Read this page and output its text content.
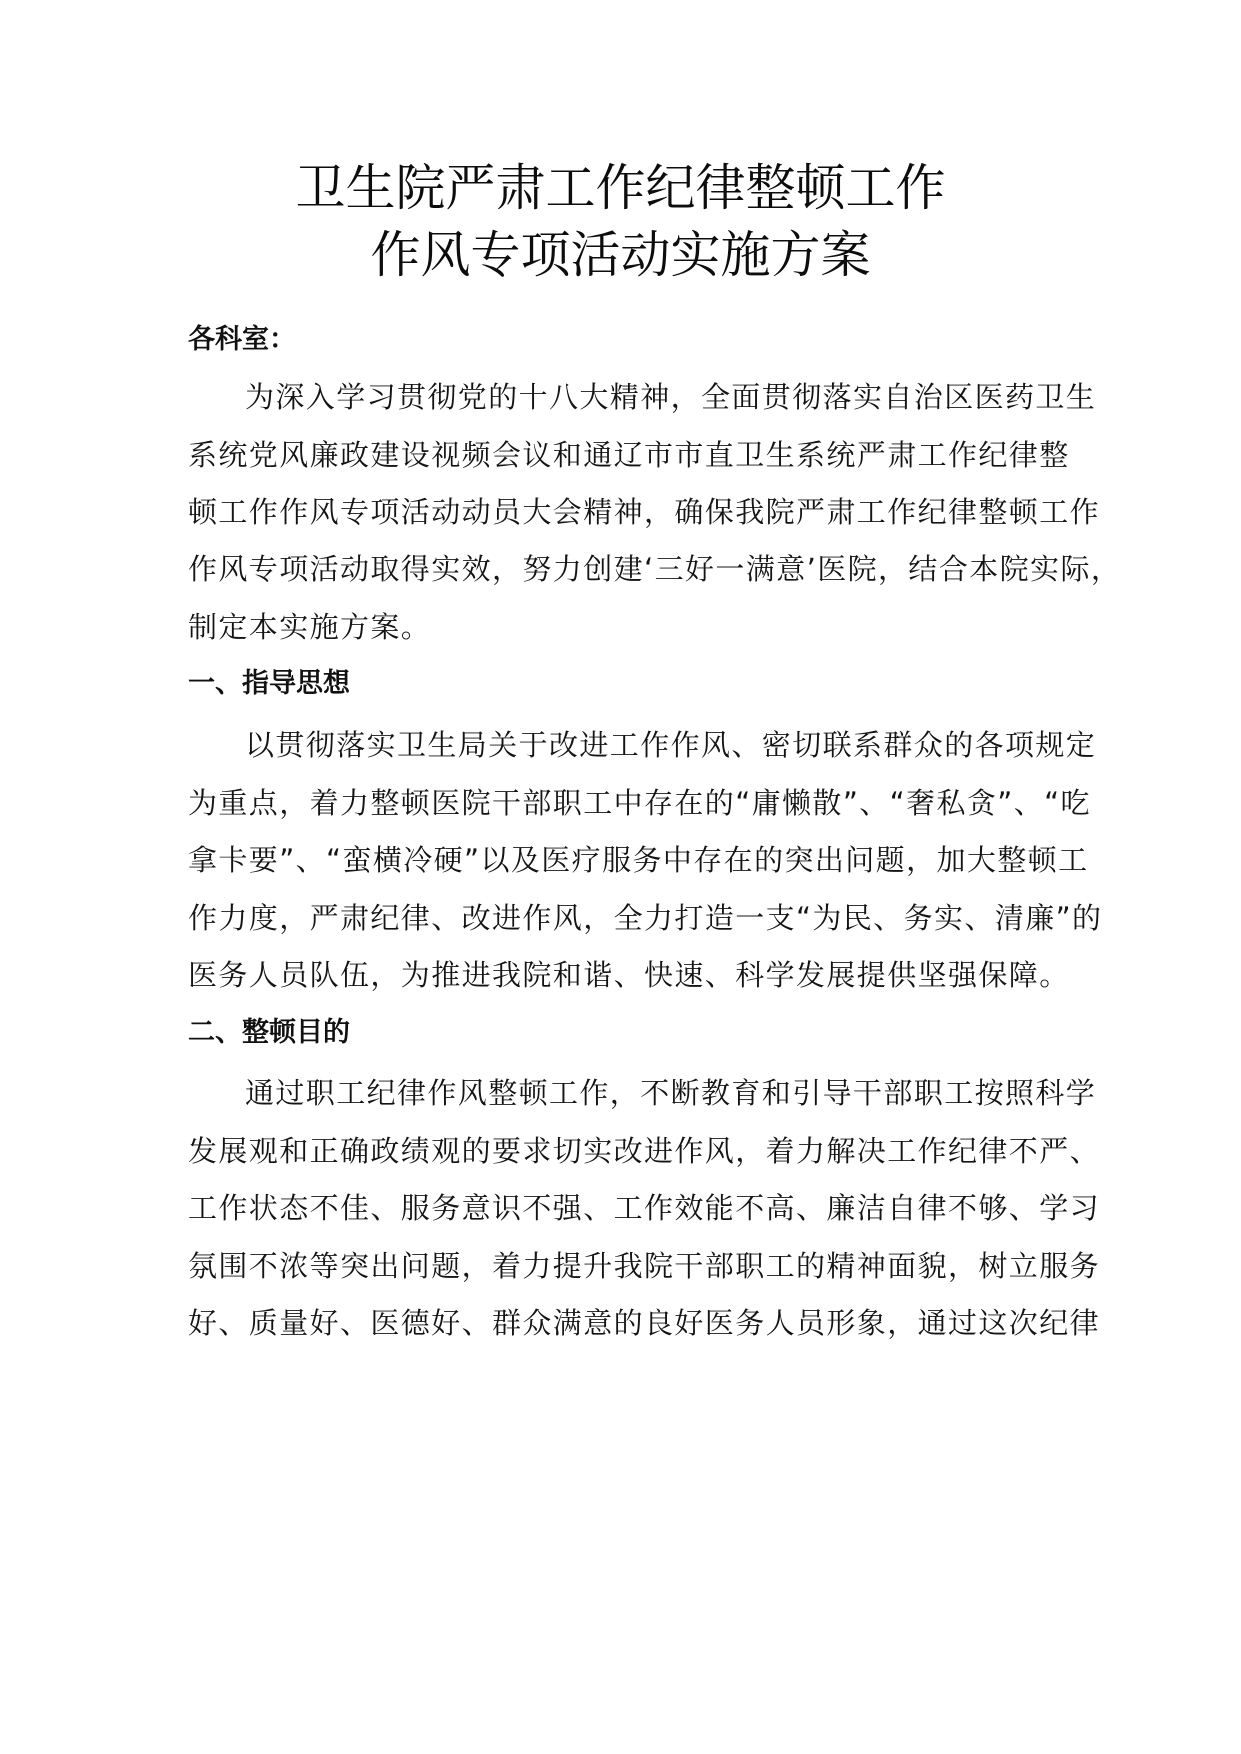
卫生院严肃工作纪律整顿工作
作风专项活动实施方案
各科室：
为深入学习贯彻党的十八大精神，全面贯彻落实自治区医药卫生
系统党风廉政建设视频会议和通辽市市直卫生系统严肃工作纪律整
顿工作作风专项活动动员大会精神，确保我院严肃工作纪律整顿工作
作风专项活动取得实效，努力创建‘三好一满意’医院，结合本院实际，
制定本实施方案。
一、指导思想
以贯彻落实卫生局关于改进工作作风、密切联系群众的各项规定
为重点，着力整顿医院干部职工中存在的“庸懒散”、“奢私贪”、“吃
拿卡要”、“蛮横冷硬”以及医疗服务中存在的突出问题，加大整顿工
作力度，严肃纪律、改进作风，全力打造一支“为民、务实、清廉”的
医务人员队伍，为推进我院和谐、快速、科学发展提供坚强保障。
二、整顿目的
通过职工纪律作风整顿工作，不断教育和引导干部职工按照科学
发展观和正确政绩观的要求切实改进作风，着力解决工作纪律不严、
工作状态不佳、服务意识不强、工作效能不高、廉洁自律不够、学习
氛围不浓等突出问题，着力提升我院干部职工的精神面貌，树立服务
好、质量好、医德好、群众满意的良好医务人员形象，通过这次纪律
